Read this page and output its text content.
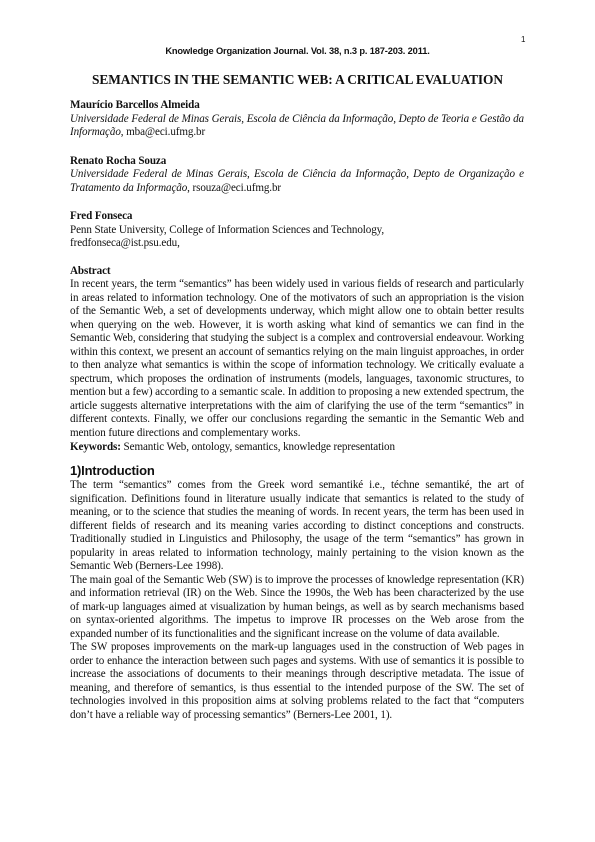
1
Knowledge Organization Journal. Vol. 38, n.3 p. 187-203. 2011.
SEMANTICS IN THE SEMANTIC WEB: A CRITICAL EVALUATION
Maurício Barcellos Almeida
Universidade Federal de Minas Gerais, Escola de Ciência da Informação, Depto de Teoria e Gestão da Informação, mba@eci.ufmg.br
Renato Rocha Souza
Universidade Federal de Minas Gerais, Escola de Ciência da Informação, Depto de Organização e Tratamento da Informação, rsouza@eci.ufmg.br
Fred Fonseca
Penn State University, College of Information Sciences and Technology,
fredfonseca@ist.psu.edu,
Abstract

In recent years, the term “semantics” has been widely used in various fields of research and particularly in areas related to information technology. One of the motivators of such an appropriation is the vision of the Semantic Web, a set of developments underway, which might allow one to obtain better results when querying on the web. However, it is worth asking what kind of semantics we can find in the Semantic Web, considering that studying the subject is a complex and controversial endeavour. Working within this context, we present an account of semantics relying on the main linguist approaches, in order to then analyze what semantics is within the scope of information technology. We critically evaluate a spectrum, which proposes the ordination of instruments (models, languages, taxonomic structures, to mention but a few) according to a semantic scale. In addition to proposing a new extended spectrum, the article suggests alternative interpretations with the aim of clarifying the use of the term “semantics” in different contexts. Finally, we offer our conclusions regarding the semantic in the Semantic Web and mention future directions and complementary works.

Keywords: Semantic Web, ontology, semantics, knowledge representation
1)Introduction

The term “semantics” comes from the Greek word semantiké i.e., téchne semantiké, the art of signification. Definitions found in literature usually indicate that semantics is related to the study of meaning, or to the science that studies the meaning of words. In recent years, the term has been used in different fields of research and its meaning varies according to distinct conceptions and constructs. Traditionally studied in Linguistics and Philosophy, the usage of the term “semantics” has grown in popularity in areas related to information technology, mainly pertaining to the vision known as the Semantic Web (Berners-Lee 1998).

The main goal of the Semantic Web (SW) is to improve the processes of knowledge representation (KR) and information retrieval (IR) on the Web. Since the 1990s, the Web has been characterized by the use of mark-up languages aimed at visualization by human beings, as well as by search mechanisms based on syntax-oriented algorithms. The impetus to improve IR processes on the Web arose from the expanded number of its functionalities and the significant increase on the volume of data available.

The SW proposes improvements on the mark-up languages used in the construction of Web pages in order to enhance the interaction between such pages and systems. With use of semantics it is possible to increase the associations of documents to their meanings through descriptive metadata. The issue of meaning, and therefore of semantics, is thus essential to the intended purpose of the SW. The set of technologies involved in this proposition aims at solving problems related to the fact that “computers don’t have a reliable way of processing semantics” (Berners-Lee 2001, 1).
